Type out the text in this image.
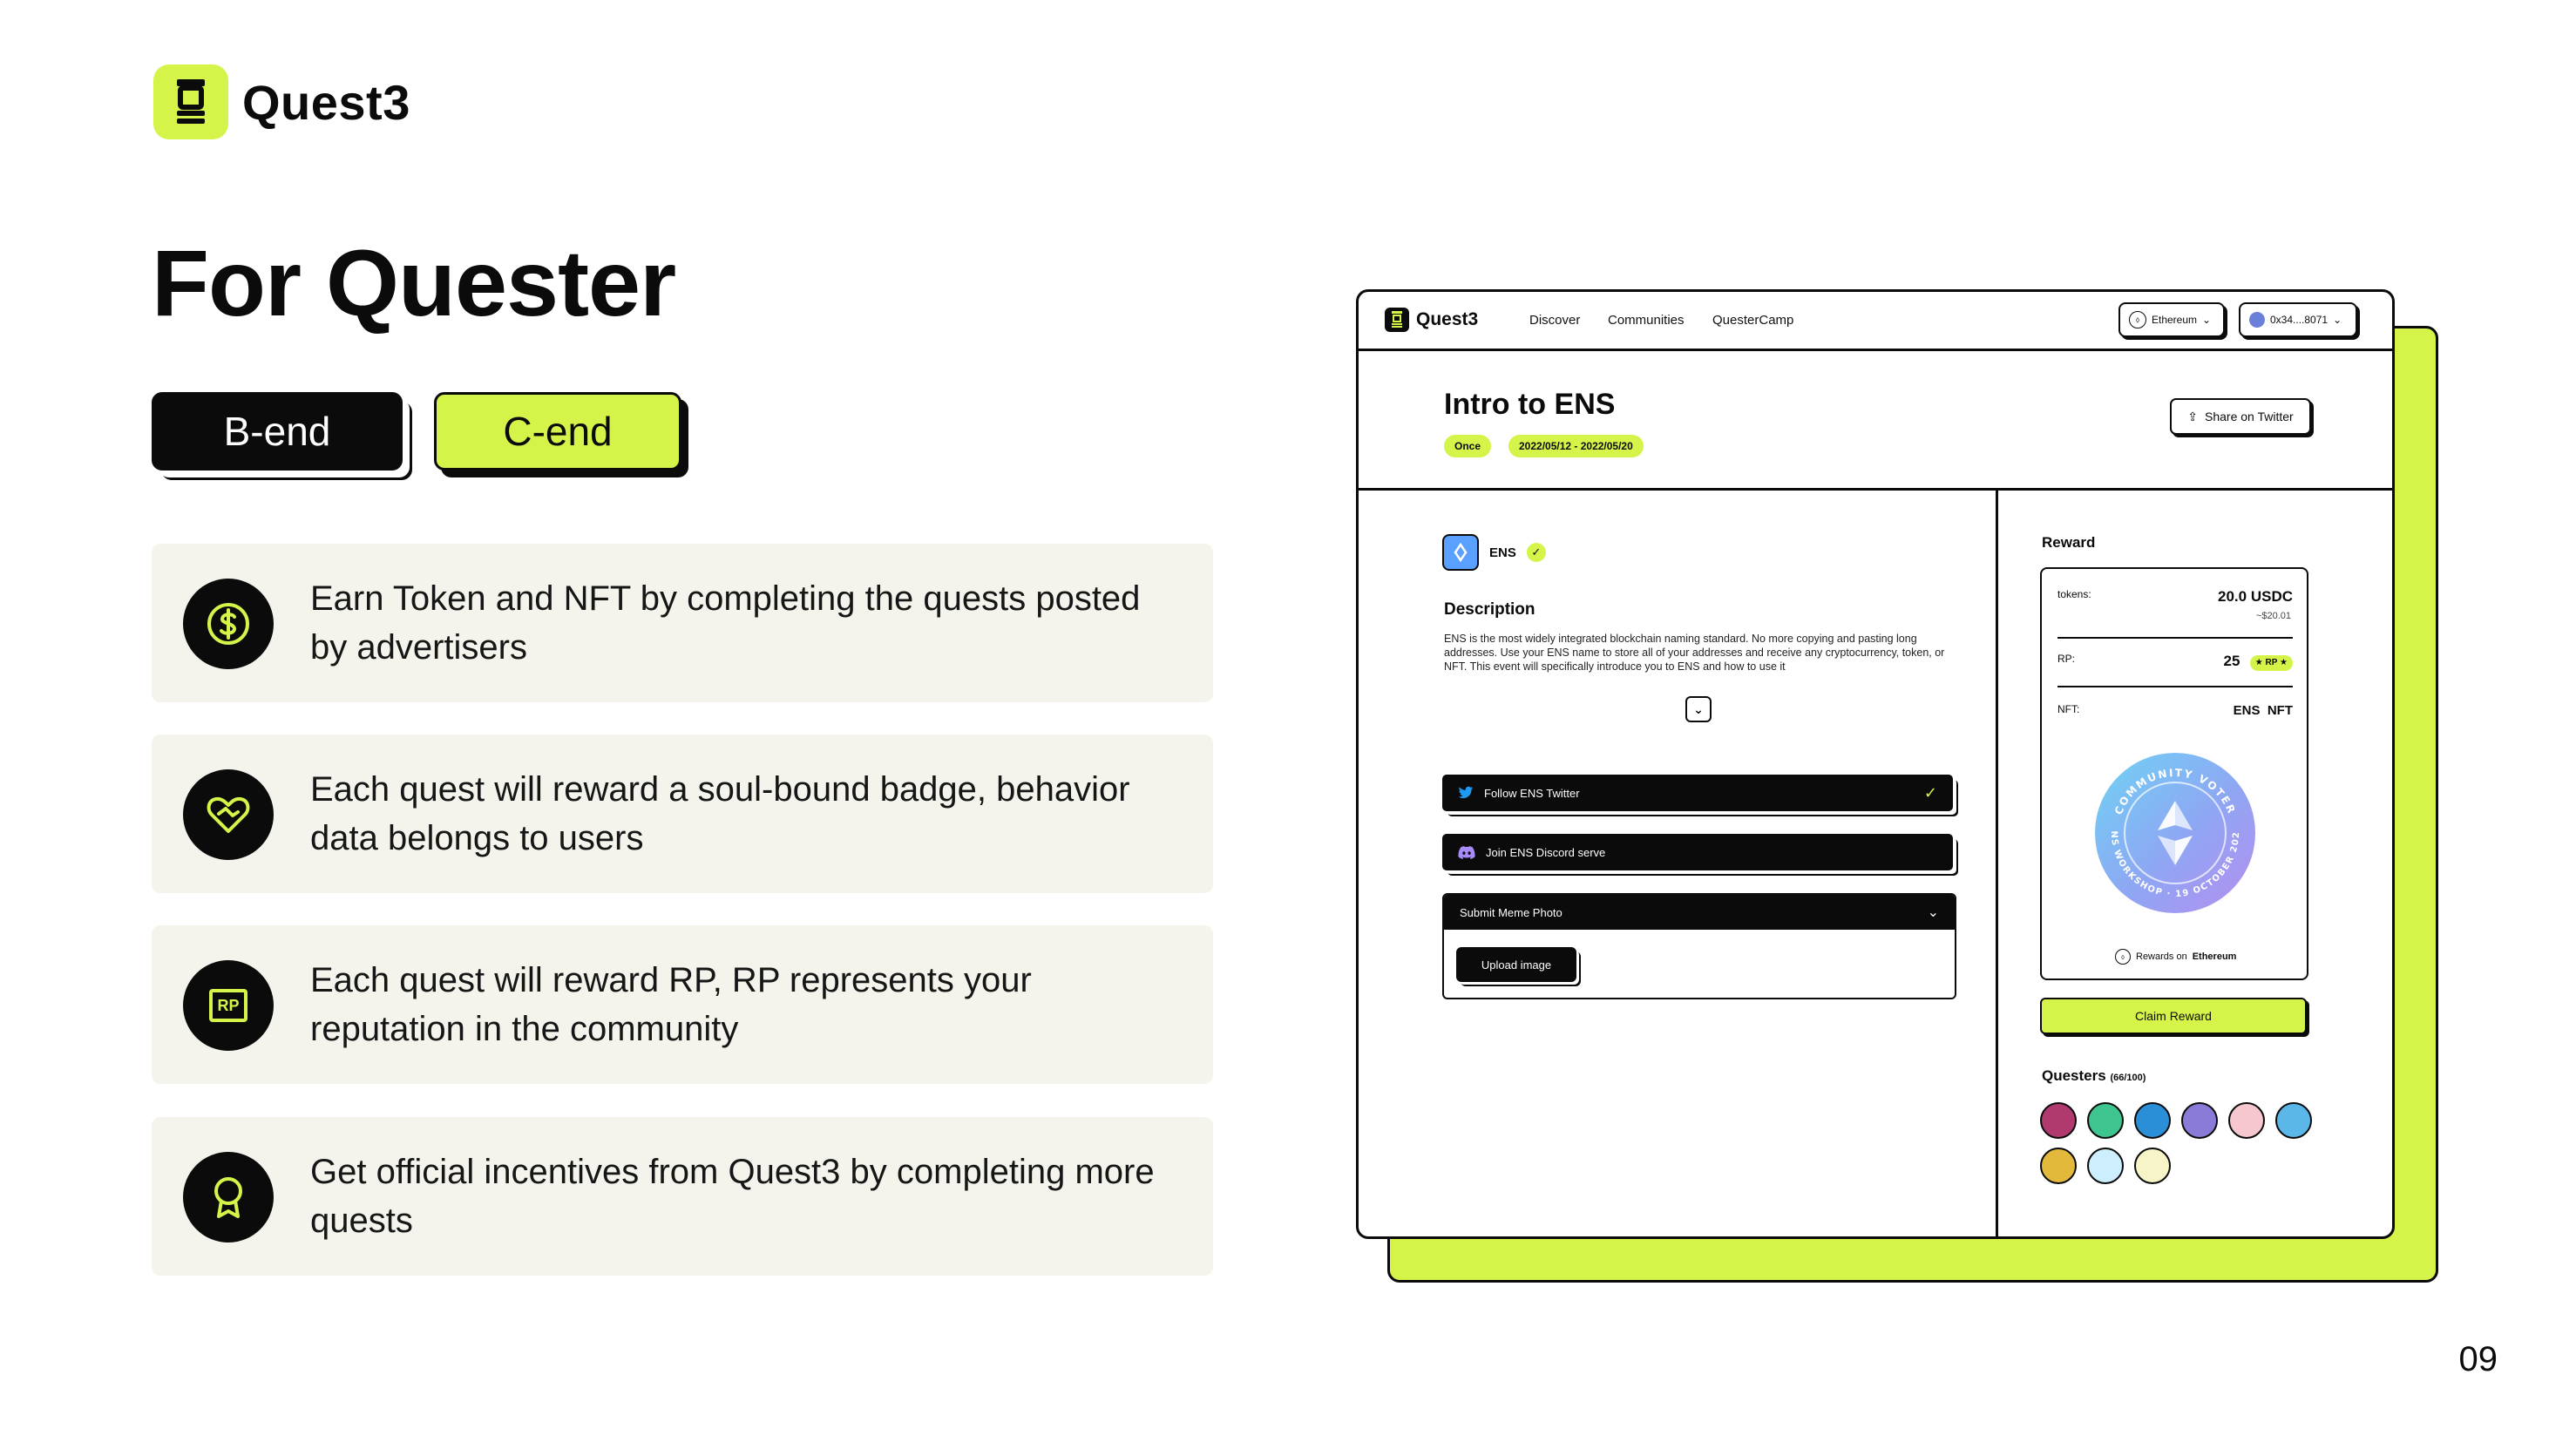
Quest3
For Quester
B-end	C-end
Earn Token and NFT by completing the quests posted by advertisers
Each quest will reward a soul-bound badge, behavior data belongs to users
RP
Each quest will reward RP, RP represents your reputation in the community
Get official incentives from Quest3 by completing more quests
09
Quest3	Discover Communities QuesterCamp	⬨	Ethereum ⌄	0x34....8071 ⌄
Intro to ENS
Once	2022/05/12 - 2022/05/20
⇪ Share on Twitter
ENS	✓
Description
ENS is the most widely integrated blockchain naming standard. No more copying and pasting long addresses. Use your ENS name to store all of your addresses and receive any cryptocurrency, token, or NFT. This event will specifically introduce you to ENS and how to use it
⌄
Follow ENS Twitter	✓
Join ENS Discord serve
Submit Meme Photo	⌄
Upload image
Reward
tokens:	20.0 USDC
~$20.01
RP:	25 ★ RP ★
NFT:	ENS  NFT
COMMUNITY VOTER
NS WORKSHOP · 19 OCTOBER 202
⬨	Rewards on Ethereum
Claim Reward
Questers (66/100)
